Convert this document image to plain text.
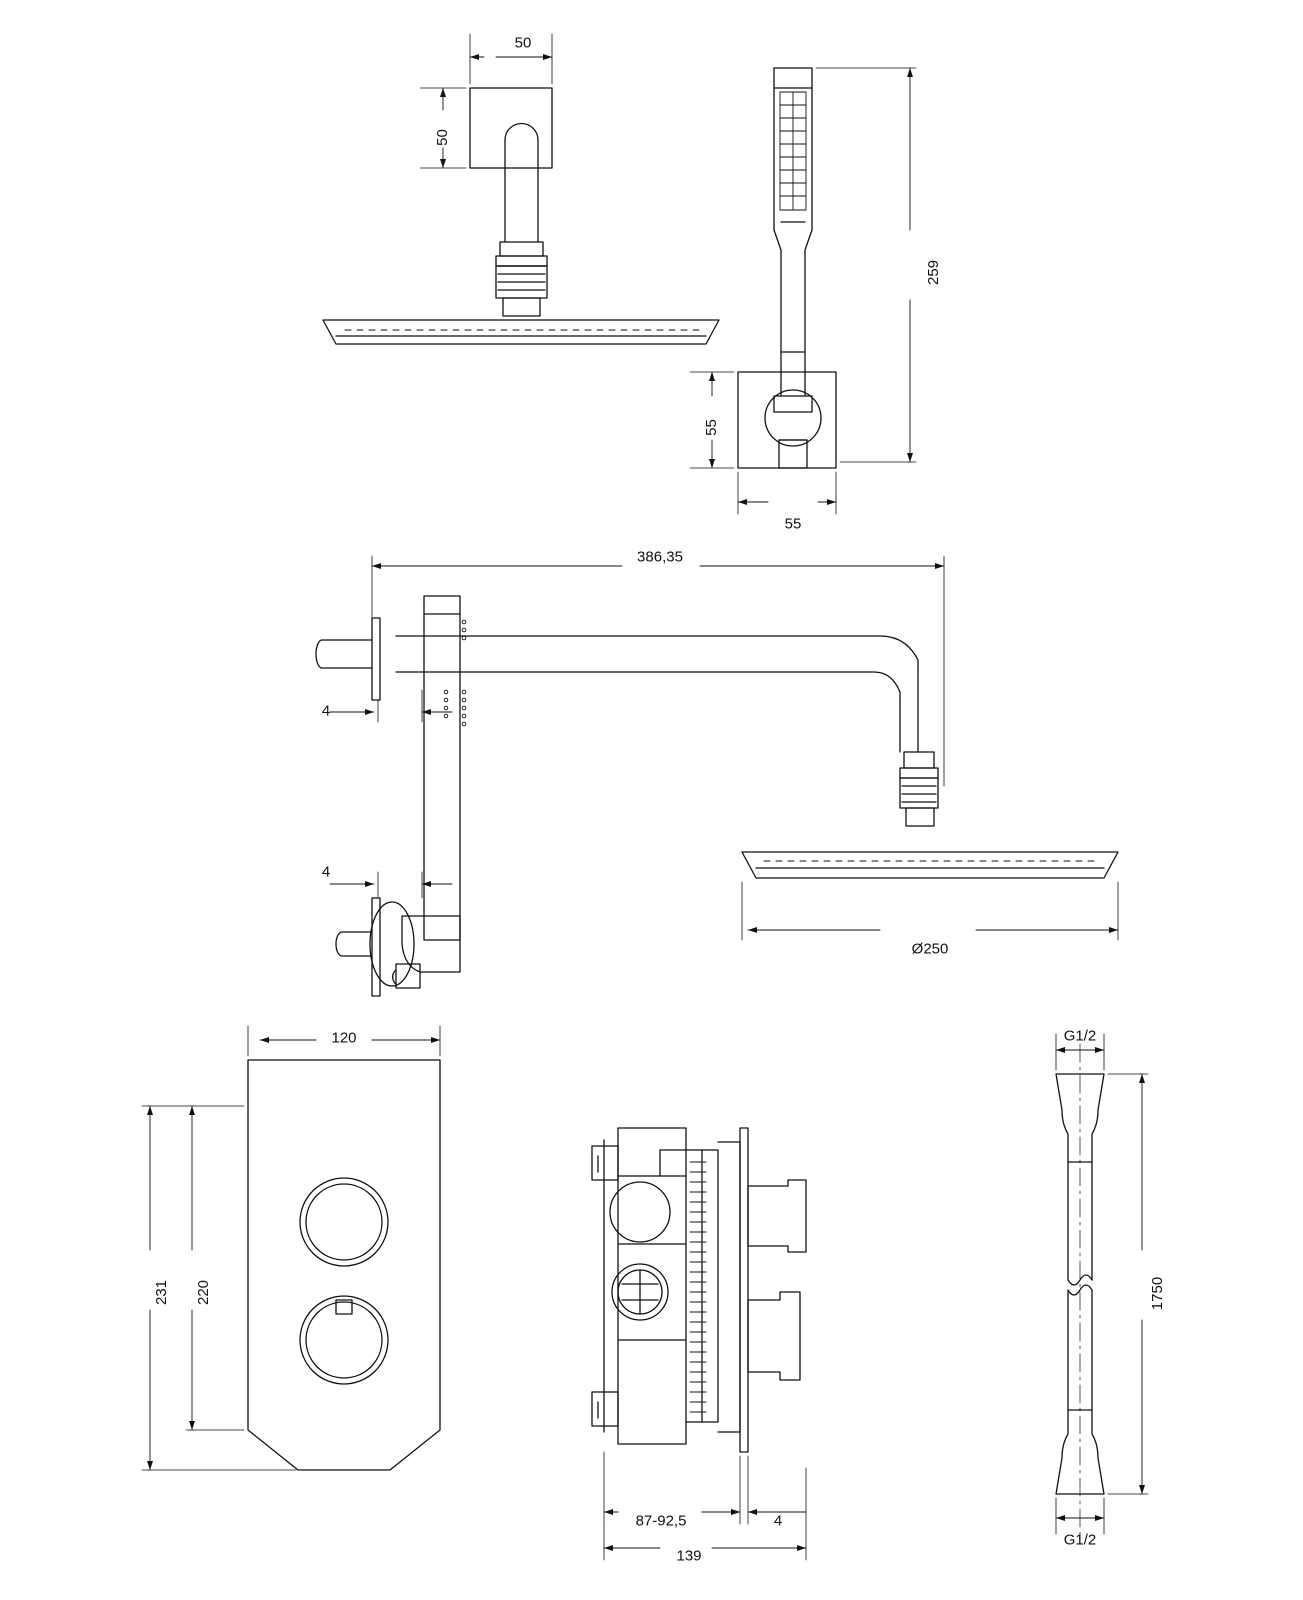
50
50
259
55
55
386,35
4
4
Ø250
120
231 220
87-92,5	4
139
G1/2
1750
G1/2
